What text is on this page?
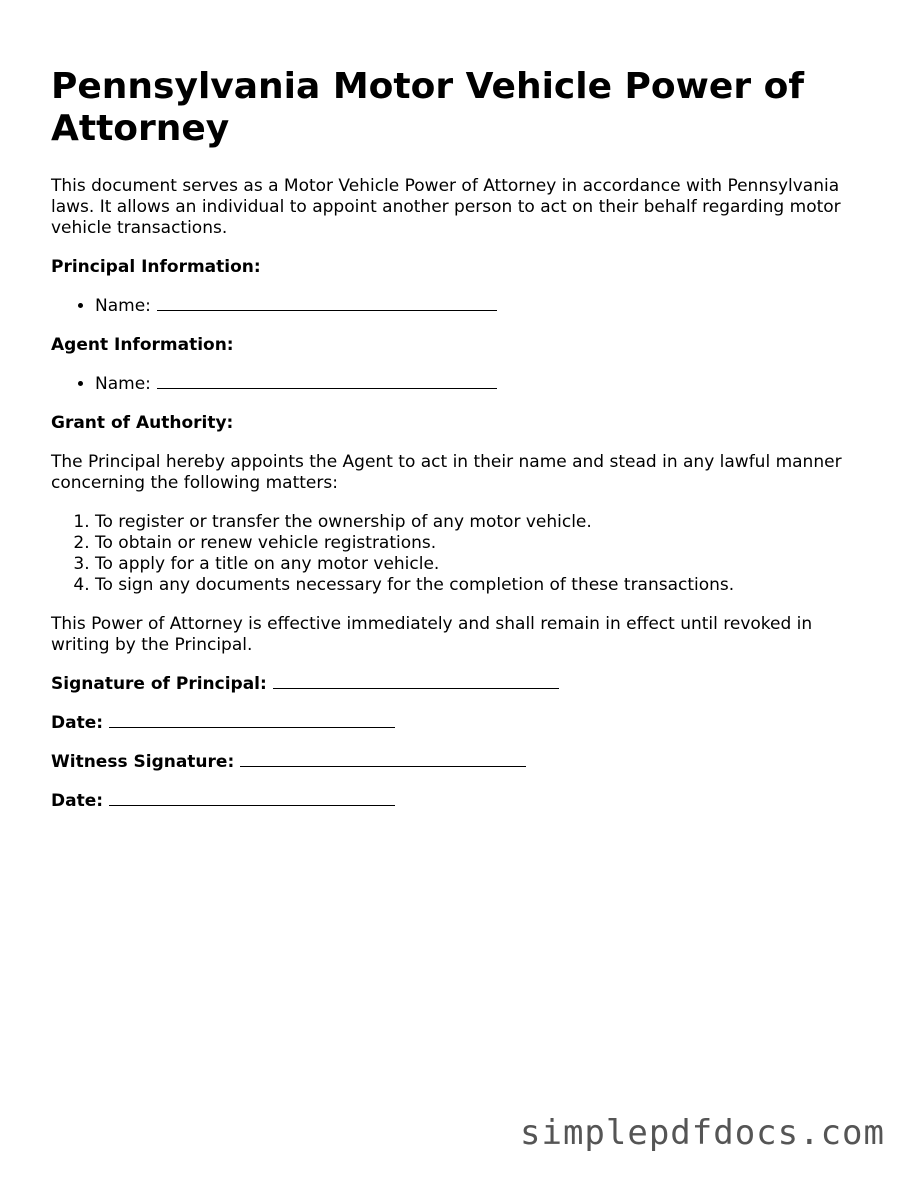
Pennsylvania Motor Vehicle Power of Attorney

This document serves as a Motor Vehicle Power of Attorney in accordance with Pennsylvania laws. It allows an individual to appoint another person to act on their behalf regarding motor vehicle transactions.

Principal Information:

• Name:

Agent Information:

• Name:

Grant of Authority:

The Principal hereby appoints the Agent to act in their name and stead in any lawful manner concerning the following matters:

1. To register or transfer the ownership of any motor vehicle.
2. To obtain or renew vehicle registrations.
3. To apply for a title on any motor vehicle.
4. To sign any documents necessary for the completion of these transactions.

This Power of Attorney is effective immediately and shall remain in effect until revoked in writing by the Principal.

Signature of Principal:

Date:

Witness Signature:

Date:

simplepdfdocs.com
